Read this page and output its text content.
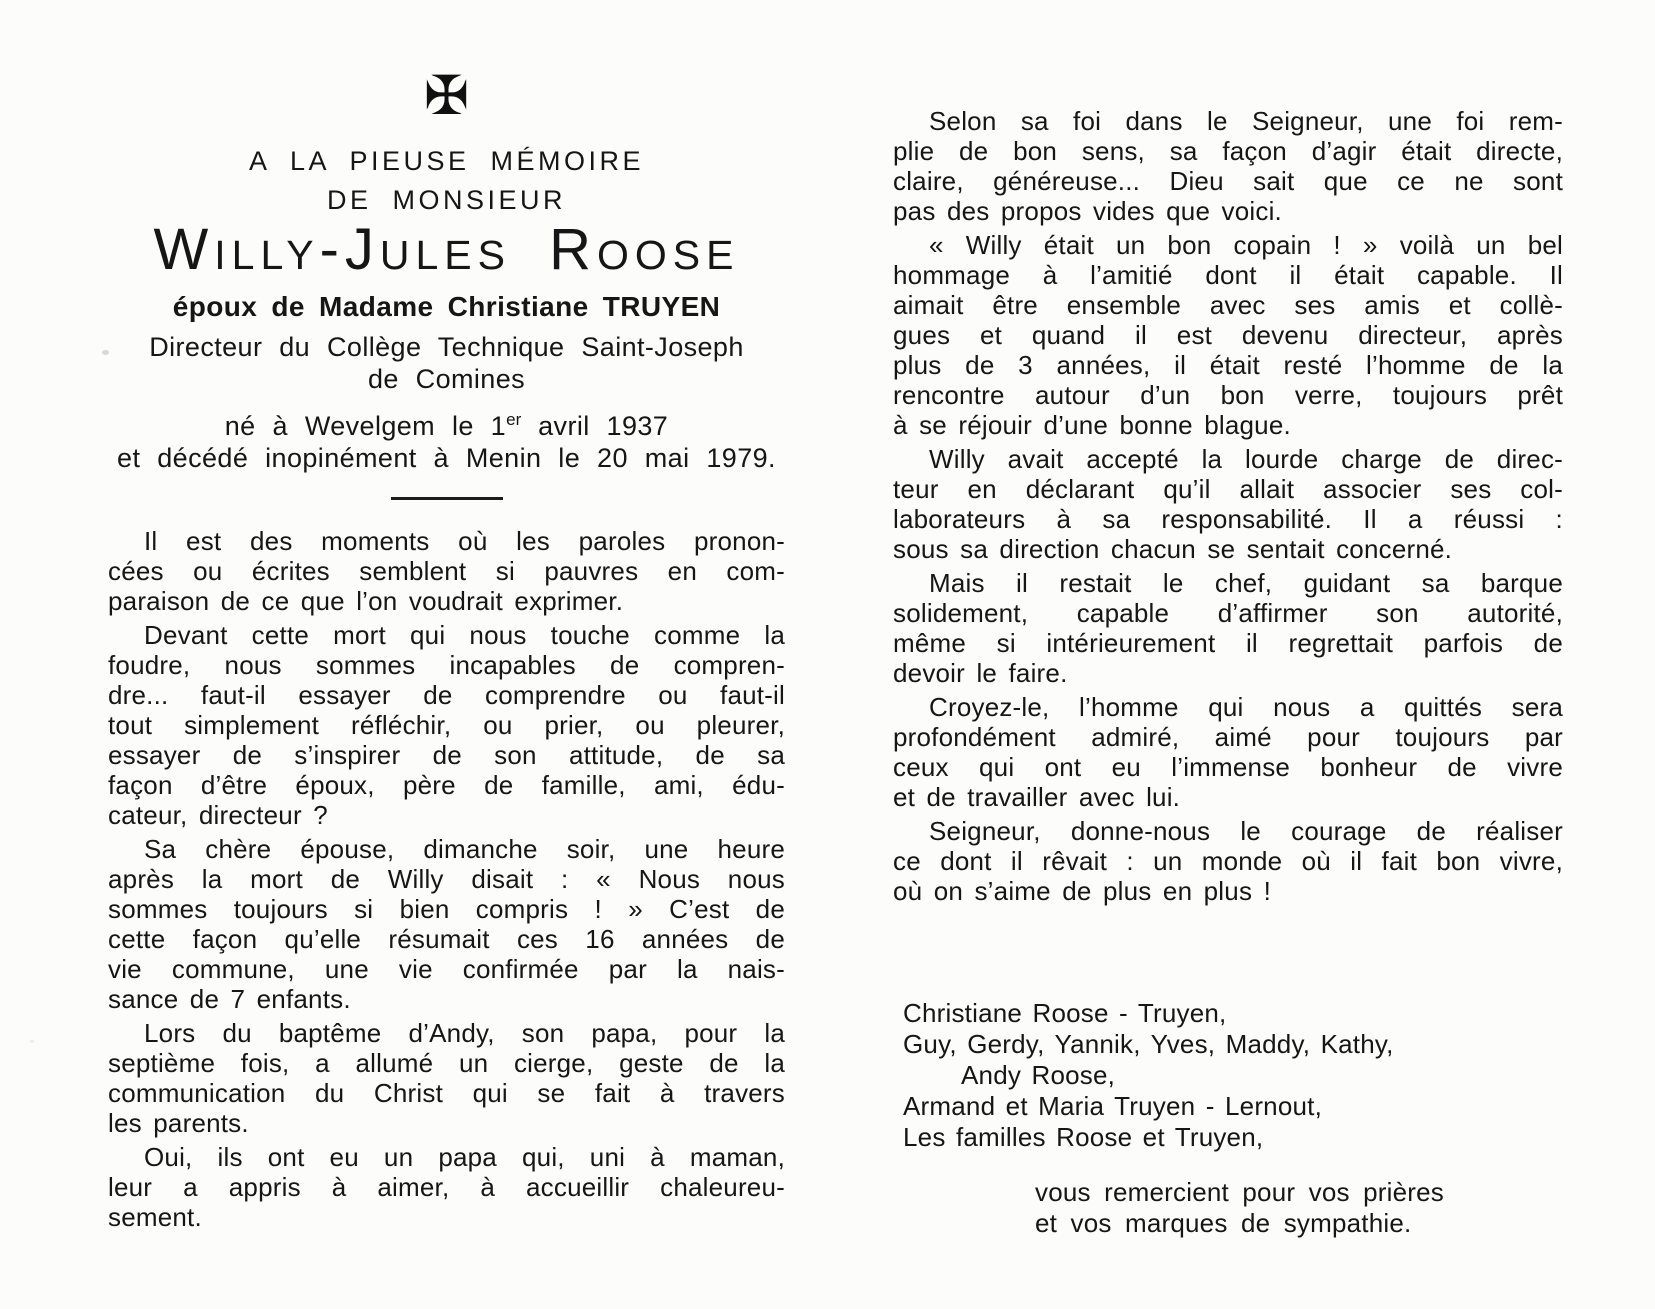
✠
A LA PIEUSE MÉMOIRE
DE MONSIEUR
Willy-Jules Roose
époux de Madame Christiane TRUYEN
Directeur du Collège Technique Saint-Joseph
de Comines
né à Wevelgem le 1er avril 1937
et décédé inopinément à Menin le 20 mai 1979.
Il est des moments où les paroles pronon-
cées ou écrites semblent si pauvres en com-
paraison de ce que l’on voudrait exprimer.
Devant cette mort qui nous touche comme la
foudre, nous sommes incapables de compren-
dre... faut-il essayer de comprendre ou faut-il
tout simplement réfléchir, ou prier, ou pleurer,
essayer de s’inspirer de son attitude, de sa
façon d’être époux, père de famille, ami, édu-
cateur, directeur ?
Sa chère épouse, dimanche soir, une heure
après la mort de Willy disait : « Nous nous
sommes toujours si bien compris ! » C’est de
cette façon qu’elle résumait ces 16 années de
vie commune, une vie confirmée par la nais-
sance de 7 enfants.
Lors du baptême d’Andy, son papa, pour la
septième fois, a allumé un cierge, geste de la
communication du Christ qui se fait à travers
les parents.
Oui, ils ont eu un papa qui, uni à maman,
leur a appris à aimer, à accueillir chaleureu-
sement.
Selon sa foi dans le Seigneur, une foi rem-
plie de bon sens, sa façon d’agir était directe,
claire, généreuse... Dieu sait que ce ne sont
pas des propos vides que voici.
« Willy était un bon copain ! » voilà un bel
hommage à l’amitié dont il était capable. Il
aimait être ensemble avec ses amis et collè-
gues et quand il est devenu directeur, après
plus de 3 années, il était resté l’homme de la
rencontre autour d’un bon verre, toujours prêt
à se réjouir d’une bonne blague.
Willy avait accepté la lourde charge de direc-
teur en déclarant qu’il allait associer ses col-
laborateurs à sa responsabilité. Il a réussi :
sous sa direction chacun se sentait concerné.
Mais il restait le chef, guidant sa barque
solidement, capable d’affirmer son autorité,
même si intérieurement il regrettait parfois de
devoir le faire.
Croyez-le, l’homme qui nous a quittés sera
profondément admiré, aimé pour toujours par
ceux qui ont eu l’immense bonheur de vivre
et de travailler avec lui.
Seigneur, donne-nous le courage de réaliser
ce dont il rêvait : un monde où il fait bon vivre,
où on s’aime de plus en plus !
Christiane Roose - Truyen,
Guy, Gerdy, Yannik, Yves, Maddy, Kathy,
Andy Roose,
Armand et Maria Truyen - Lernout,
Les familles Roose et Truyen,
vous remercient pour vos prières
et vos marques de sympathie.
